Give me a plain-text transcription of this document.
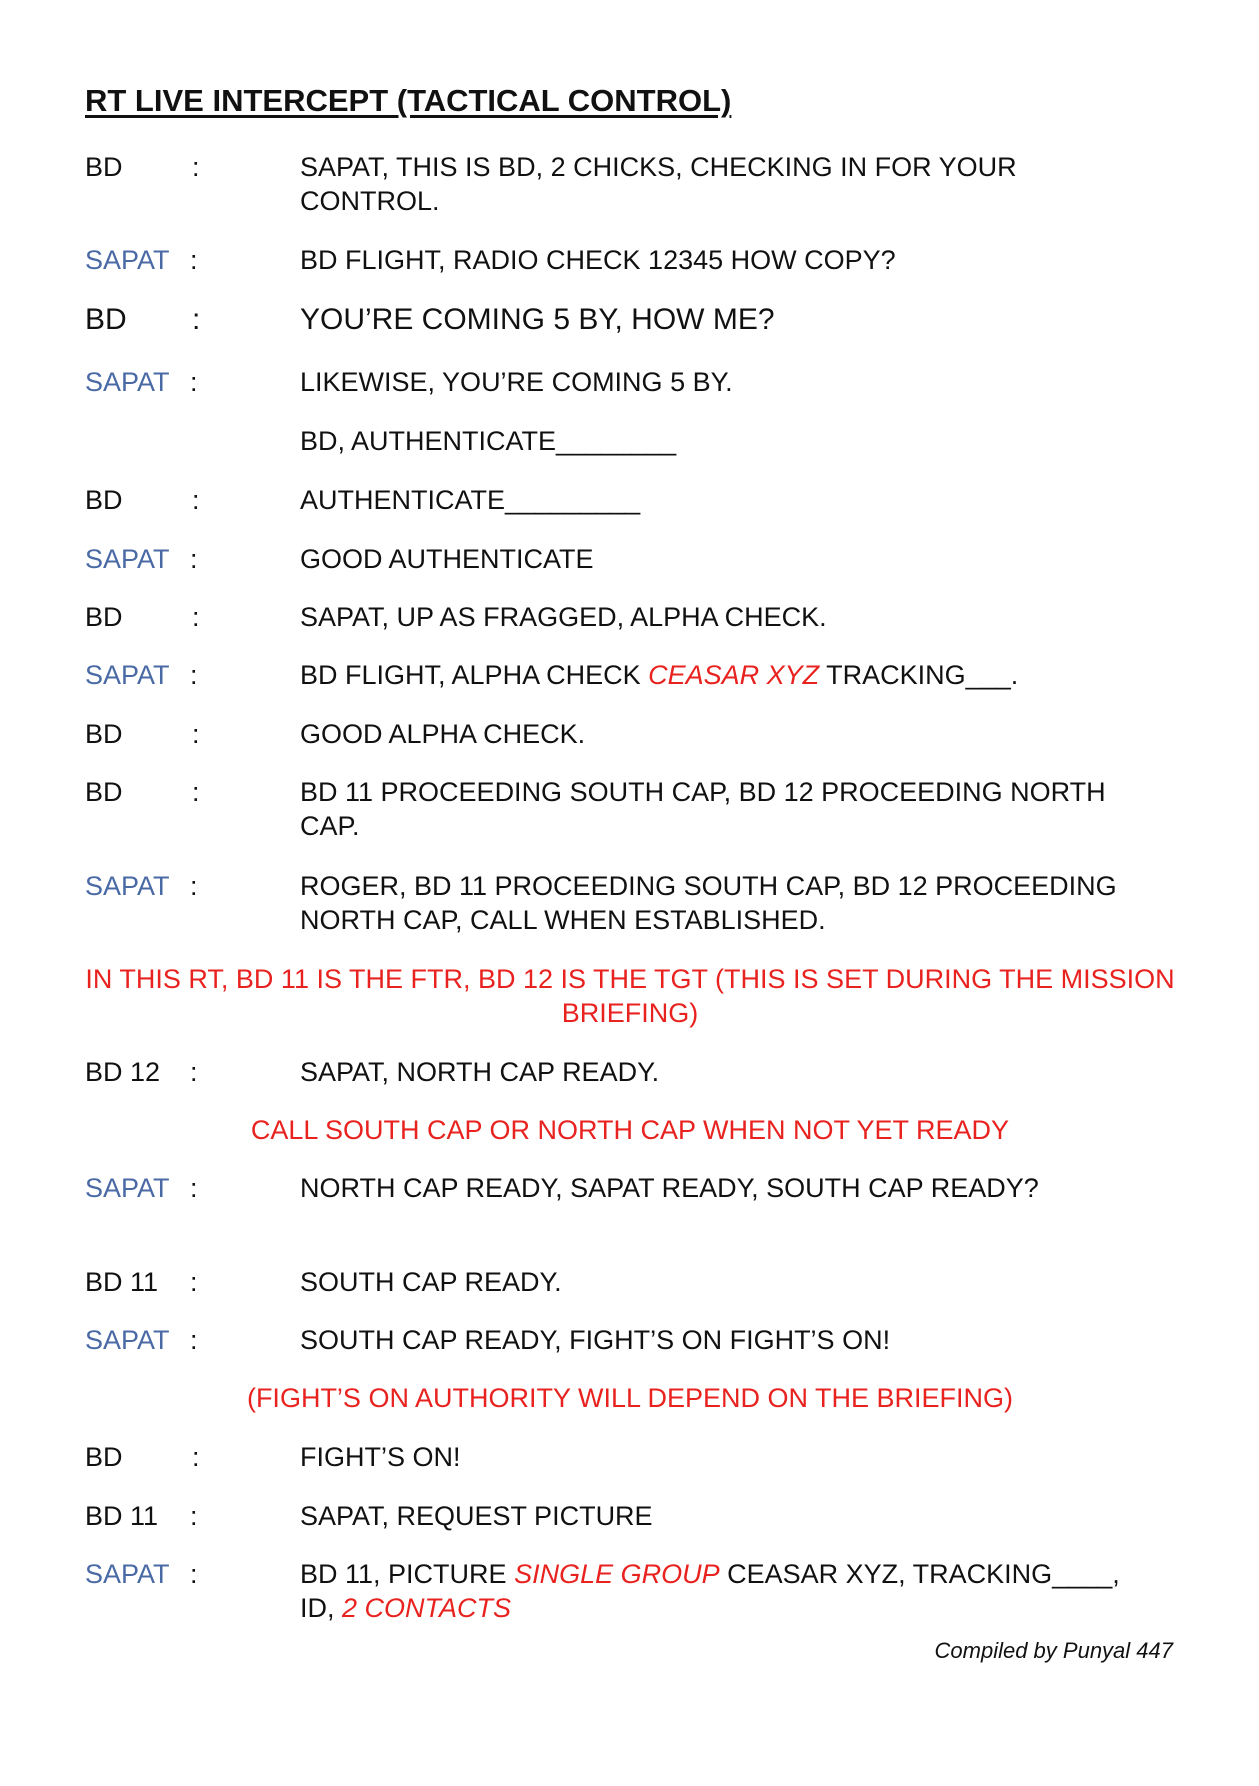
RT LIVE INTERCEPT (TACTICAL CONTROL)
BD	:	SAPAT, THIS IS BD, 2 CHICKS, CHECKING IN FOR YOUR CONTROL.
SAPAT :	BD FLIGHT, RADIO CHECK 12345 HOW COPY?
BD :	YOU’RE COMING 5 BY, HOW ME?
SAPAT :	LIKEWISE, YOU’RE COMING 5 BY.
BD, AUTHENTICATE________
BD	:	AUTHENTICATE_________
SAPAT :	GOOD AUTHENTICATE
BD	:	SAPAT, UP AS FRAGGED, ALPHA CHECK.
SAPAT :	BD FLIGHT, ALPHA CHECK CEASAR XYZ TRACKING___.
BD	:	GOOD ALPHA CHECK.
BD	:	BD 11 PROCEEDING SOUTH CAP, BD 12 PROCEEDING NORTH CAP.
SAPAT :	ROGER, BD 11 PROCEEDING SOUTH CAP, BD 12 PROCEEDING NORTH CAP, CALL WHEN ESTABLISHED.
IN THIS RT, BD 11 IS THE FTR, BD 12 IS THE TGT (THIS IS SET DURING THE MISSION BRIEFING)
BD 12 :	SAPAT, NORTH CAP READY.
CALL SOUTH CAP OR NORTH CAP WHEN NOT YET READY
SAPAT :	NORTH CAP READY, SAPAT READY, SOUTH CAP READY?
BD 11 :	SOUTH CAP READY.
SAPAT :	SOUTH CAP READY, FIGHT’S ON FIGHT’S ON!
(FIGHT’S ON AUTHORITY WILL DEPEND ON THE BRIEFING)
BD	:	FIGHT’S ON!
BD 11 :	SAPAT, REQUEST PICTURE
SAPAT :	BD 11, PICTURE SINGLE GROUP CEASAR XYZ, TRACKING____, ID, 2 CONTACTS
Compiled by Punyal 447
